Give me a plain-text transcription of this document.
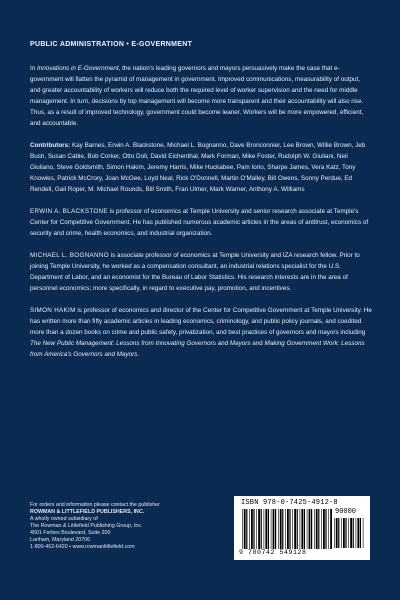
PUBLIC ADMINISTRATION • E-GOVERNMENT

In Innovations in E-Government, the nation's leading governors and mayors persuasively make the case that e-government will flatten the pyramid of management in government. Improved communications, measurability of output, and greater accountability of workers will reduce both the required level of worker supervision and the need for middle management. In turn, decisions by top management will become more transparent and their accountability will also rise. Thus, as a result of improved technology, government could become leaner. Workers will be more empowered, efficient, and accountable.

Contributors: Kay Barnes, Erwin A. Blackstone, Michael L. Bognanno, Dave Bronconnier, Lee Brown, Willie Brown, Jeb Bush, Susan Cable, Bob Corker, Otto Doll, David Eichenthal, Mark Forman, Mike Foster, Rudolph W. Giuliani, Neil Giuliano, Steve Goldsmith, Simon Hakim, Jeremy Harris, Mike Huckabee, Pam Iorio, Sharpe James, Vera Katz, Tony Knowles, Patrick McCrory, Joan McGee, Loyd Neal, Rick O'Donnell, Martin O'Malley, Bill Owens, Sonny Perdue, Ed Rendell, Gail Roper, M. Michael Rounds, Bill Smith, Fran Ulmer, Mark Warner, Anthony A. Williams

ERWIN A. BLACKSTONE is professor of economics at Temple University and senior research associate at Temple's Center for Competitive Government. He has published numerous academic articles in the areas of antitrust, economics of security and crime, health economics, and industrial organization.

MICHAEL L. BOGNANNO is associate professor of economics at Temple University and IZA research fellow. Prior to joining Temple University, he worked as a compensation consultant, an industrial relations specialist for the U.S. Department of Labor, and an economist for the Bureau of Labor Statistics. His research interests are in the area of personnel economics; more specifically, in regard to executive pay, promotion, and incentives.

SIMON HAKIM is professor of economics and director of the Center for Competitive Government at Temple University. He has written more than fifty academic articles in leading economics, criminology, and public policy journals, and coedited more than a dozen books on crime and public safety, privatization, and best practices of governors and mayors including The New Public Management: Lessons from Innovating Governors and Mayors and Making Government Work: Lessons from America's Governors and Mayors.

For orders and information please contact the publisher
ROWMAN & LITTLEFIELD PUBLISHERS, INC.
A wholly owned subsidiary of
The Rowman & Littlefield Publishing Group, Inc.
4501 Forbes Boulevard, Suite 200
Lanham, Maryland 20706
1-800-462-6420 • www.rowmanlittlefield.com
ISBN 978-0-7425-4912-8
90000
9 780742 549128
